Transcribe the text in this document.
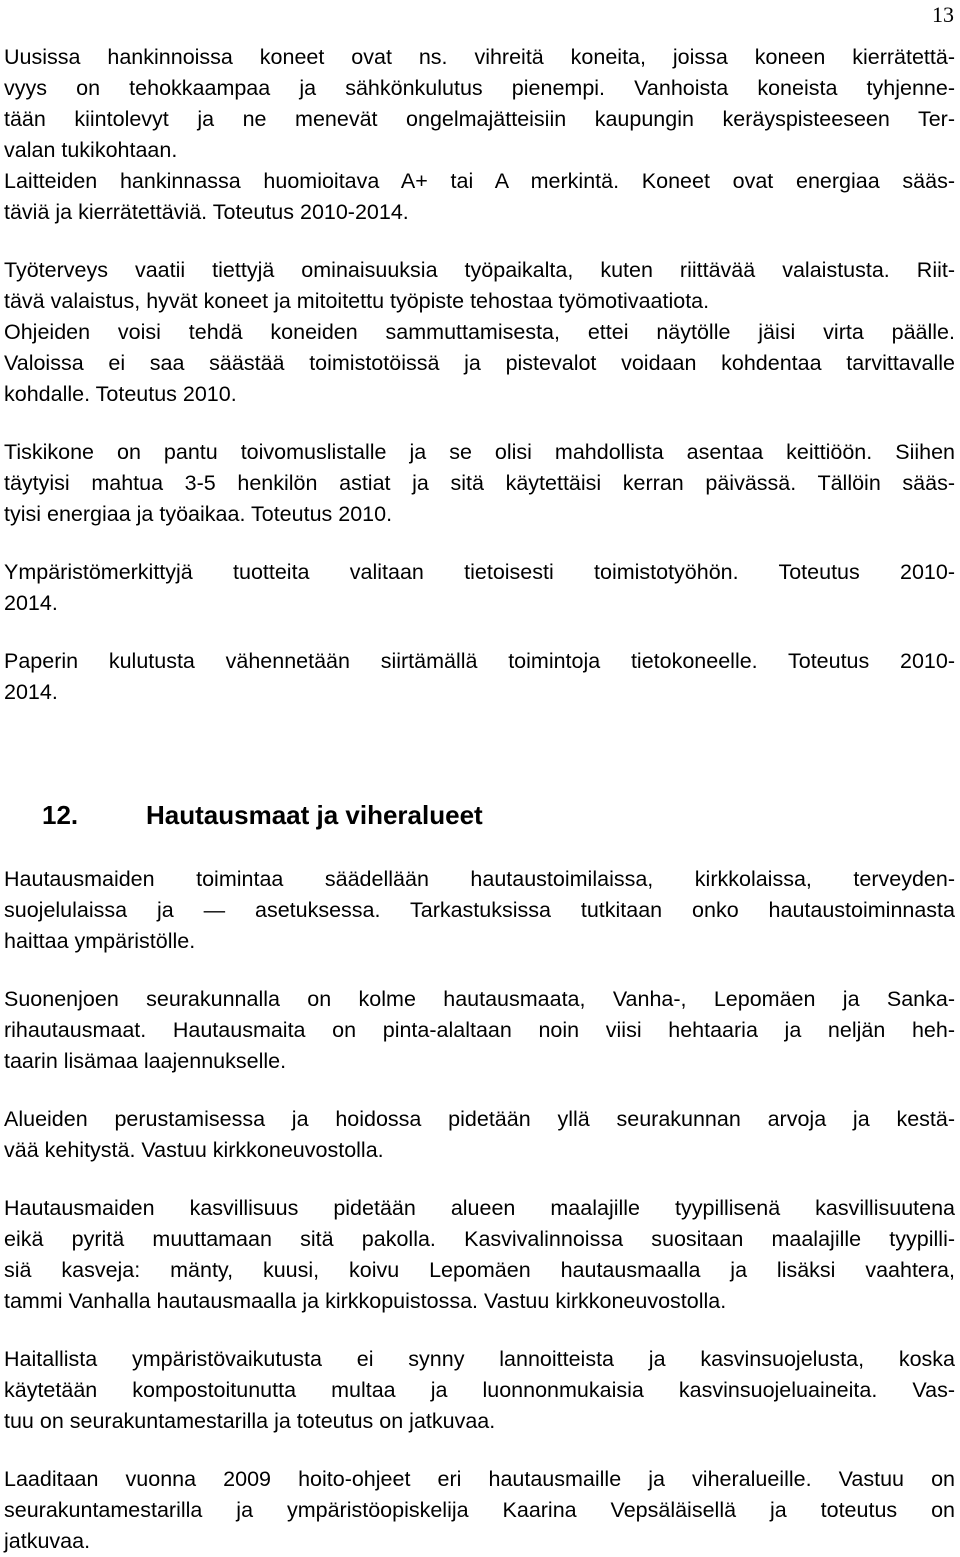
13
Uusissa hankinnoissa koneet ovat ns. vihreitä koneita, joissa koneen kierrätettä-
vyys on tehokkaampaa ja sähkönkulutus pienempi. Vanhoista koneista tyhjenne-
tään kiintolevyt ja ne menevät ongelmajätteisiin kaupungin keräyspisteeseen Ter-
valan tukikohtaan.
Laitteiden hankinnassa huomioitava A+ tai A merkintä. Koneet ovat energiaa sääs-
täviä ja kierrätettäviä. Toteutus 2010-2014.
Työterveys vaatii tiettyjä ominaisuuksia työpaikalta, kuten riittävää valaistusta. Riit-
tävä valaistus, hyvät koneet ja mitoitettu työpiste tehostaa työmotivaatiota.
Ohjeiden voisi tehdä koneiden sammuttamisesta, ettei näytölle jäisi virta päälle.
Valoissa ei saa säästää toimistotöissä ja pistevalot voidaan kohdentaa tarvittavalle
kohdalle. Toteutus 2010.
Tiskikone on pantu toivomuslistalle ja se olisi mahdollista asentaa keittiöön. Siihen
täytyisi mahtua 3-5 henkilön astiat ja sitä käytettäisi kerran päivässä. Tällöin sääs-
tyisi energiaa ja työaikaa. Toteutus 2010.
Ympäristömerkittyjä tuotteita valitaan tietoisesti toimistotyöhön. Toteutus 2010-
2014.
Paperin kulutusta vähennetään siirtämällä toimintoja tietokoneelle. Toteutus 2010-
2014.
12.	Hautausmaat ja viheralueet
Hautausmaiden toimintaa säädellään hautaustoimilaissa, kirkkolaissa, terveyden-
suojelulaissa ja — asetuksessa. Tarkastuksissa tutkitaan onko hautaustoiminnasta
haittaa ympäristölle.
Suonenjoen seurakunnalla on kolme hautausmaata, Vanha-, Lepomäen ja Sanka-
rihautausmaat. Hautausmaita on pinta-alaltaan noin viisi hehtaaria ja neljän heh-
taarin lisämaa laajennukselle.
Alueiden perustamisessa ja hoidossa pidetään yllä seurakunnan arvoja ja kestä-
vää kehitystä. Vastuu kirkkoneuvostolla.
Hautausmaiden kasvillisuus pidetään alueen maalajille tyypillisenä kasvillisuutena
eikä pyritä muuttamaan sitä pakolla. Kasvivalinnoissa suositaan maalajille tyypilli-
siä kasveja: mänty, kuusi, koivu Lepomäen hautausmaalla ja lisäksi vaahtera,
tammi Vanhalla hautausmaalla ja kirkkopuistossa. Vastuu kirkkoneuvostolla.
Haitallista ympäristövaikutusta ei synny lannoitteista ja kasvinsuojelusta, koska
käytetään kompostoitunutta multaa ja luonnonmukaisia kasvinsuojeluaineita. Vas-
tuu on seurakuntamestarilla ja toteutus on jatkuvaa.
Laaditaan vuonna 2009 hoito-ohjeet eri hautausmaille ja viheralueille. Vastuu on
seurakuntamestarilla ja ympäristöopiskelija Kaarina Vepsäläisellä ja toteutus on
jatkuvaa.
